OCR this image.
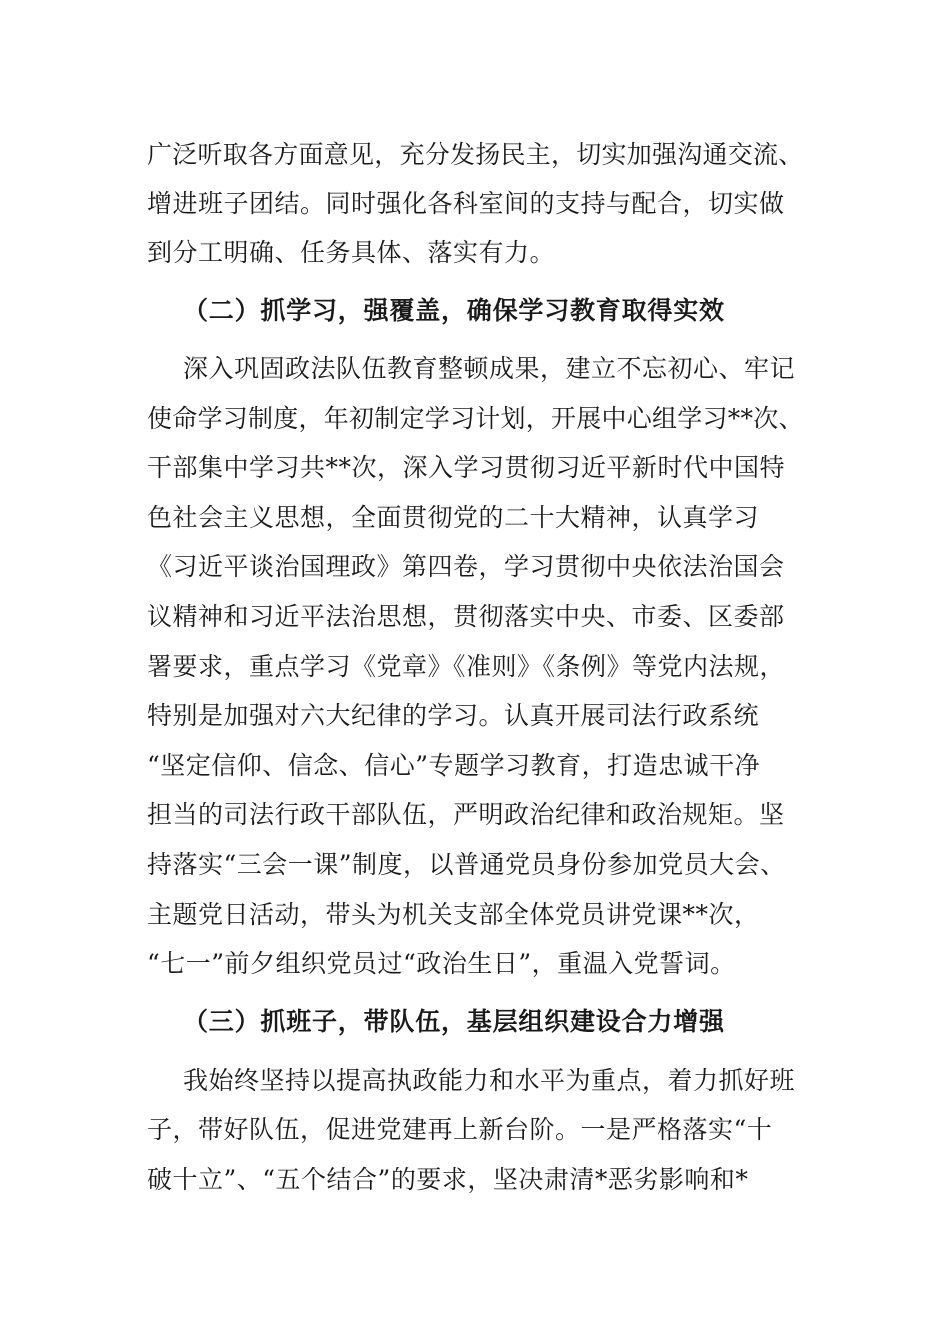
广泛听取各方面意见，充分发扬民主，切实加强沟通交流、
增进班子团结。同时强化各科室间的支持与配合，切实做
到分工明确、任务具体、落实有力。
（二）抓学习，强覆盖，确保学习教育取得实效
深入巩固政法队伍教育整顿成果，建立不忘初心、牢记
使命学习制度，年初制定学习计划，开展中心组学习**次、
干部集中学习共**次，深入学习贯彻习近平新时代中国特
色社会主义思想，全面贯彻党的二十大精神，认真学习
《习近平谈治国理政》第四卷，学习贯彻中央依法治国会
议精神和习近平法治思想，贯彻落实中央、市委、区委部
署要求，重点学习《党章》《准则》《条例》等党内法规，
特别是加强对六大纪律的学习。认真开展司法行政系统
“坚定信仰、信念、信心”专题学习教育，打造忠诚干净
担当的司法行政干部队伍，严明政治纪律和政治规矩。坚
持落实“三会一课”制度，以普通党员身份参加党员大会、
主题党日活动，带头为机关支部全体党员讲党课**次，
“七一”前夕组织党员过“政治生日”，重温入党誓词。
（三）抓班子，带队伍，基层组织建设合力增强
我始终坚持以提高执政能力和水平为重点，着力抓好班
子，带好队伍，促进党建再上新台阶。一是严格落实“十
破十立”、“五个结合”的要求，坚决肃清*恶劣影响和*
